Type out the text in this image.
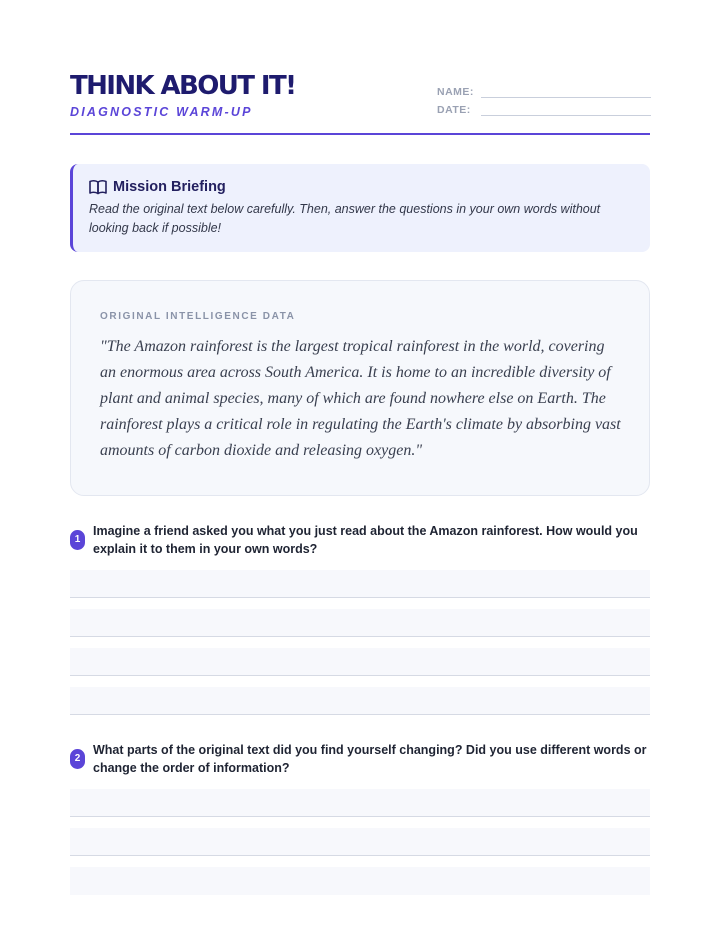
THINK ABOUT IT!
DIAGNOSTIC WARM-UP
NAME:
DATE:
Mission Briefing
Read the original text below carefully. Then, answer the questions in your own words without looking back if possible!
ORIGINAL INTELLIGENCE DATA
"The Amazon rainforest is the largest tropical rainforest in the world, covering an enormous area across South America. It is home to an incredible diversity of plant and animal species, many of which are found nowhere else on Earth. The rainforest plays a critical role in regulating the Earth's climate by absorbing vast amounts of carbon dioxide and releasing oxygen."
1
Imagine a friend asked you what you just read about the Amazon rainforest. How would you explain it to them in your own words?
2
What parts of the original text did you find yourself changing? Did you use different words or change the order of information?
